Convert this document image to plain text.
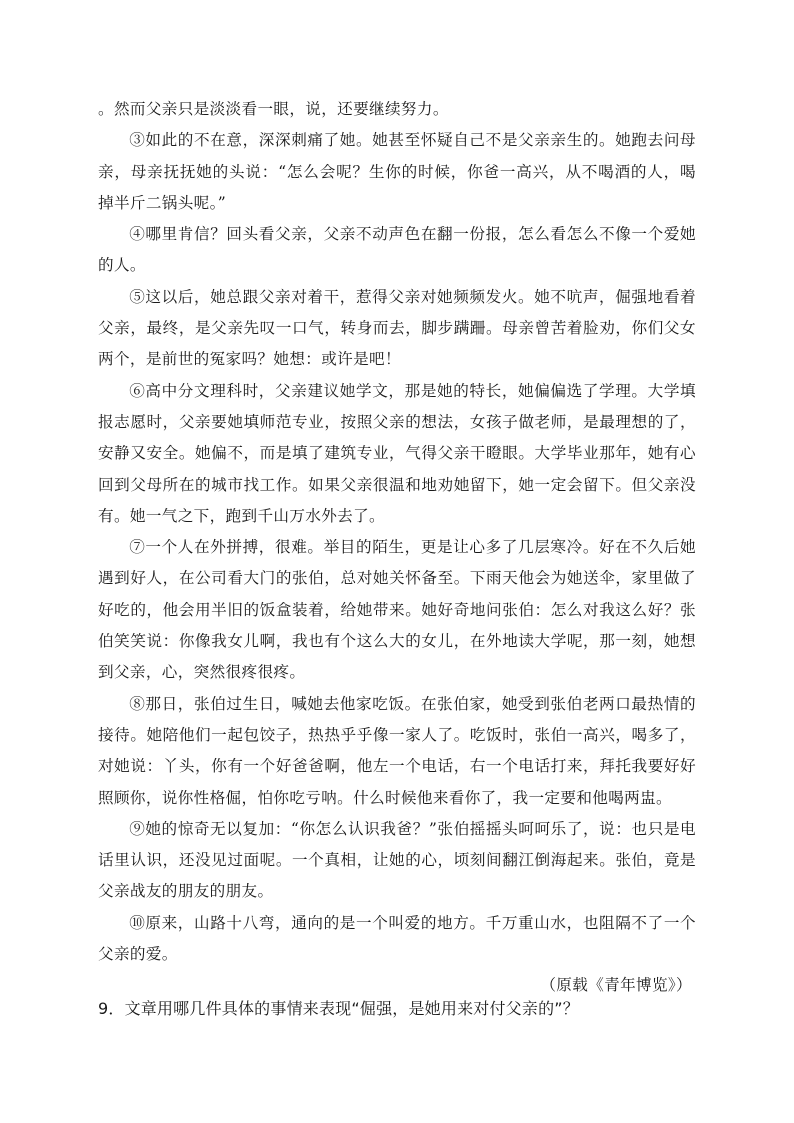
。然而父亲只是淡淡看一眼，说，还要继续努力。

③如此的不在意，深深刺痛了她。她甚至怀疑自己不是父亲亲生的。她跑去问母亲，母亲抚抚她的头说：“怎么会呢？生你的时候，你爸一高兴，从不喝酒的人，喝掉半斤二锅头呢。”

④哪里肯信？回头看父亲，父亲不动声色在翻一份报，怎么看怎么不像一个爱她的人。

⑤这以后，她总跟父亲对着干，惹得父亲对她频频发火。她不吭声，倔强地看着父亲，最终，是父亲先叹一口气，转身而去，脚步蹒跚。母亲曾苦着脸劝，你们父女两个，是前世的冤家吗？她想：或许是吧！

⑥高中分文理科时，父亲建议她学文，那是她的特长，她偏偏选了学理。大学填报志愿时，父亲要她填师范专业，按照父亲的想法，女孩子做老师，是最理想的了，安静又安全。她偏不，而是填了建筑专业，气得父亲干瞪眼。大学毕业那年，她有心回到父母所在的城市找工作。如果父亲很温和地劝她留下，她一定会留下。但父亲没有。她一气之下，跑到千山万水外去了。

⑦一个人在外拼搏，很难。举目的陌生，更是让心多了几层寒冷。好在不久后她遇到好人，在公司看大门的张伯，总对她关怀备至。下雨天他会为她送伞，家里做了好吃的，他会用半旧的饭盒装着，给她带来。她好奇地问张伯：怎么对我这么好？张伯笑笑说：你像我女儿啊，我也有个这么大的女儿，在外地读大学呢，那一刻，她想到父亲，心，突然很疼很疼。

⑧那日，张伯过生日，喊她去他家吃饭。在张伯家，她受到张伯老两口最热情的接待。她陪他们一起包饺子，热热乎乎像一家人了。吃饭时，张伯一高兴，喝多了，对她说：丫头，你有一个好爸爸啊，他左一个电话，右一个电话打来，拜托我要好好照顾你，说你性格倔，怕你吃亏呐。什么时候他来看你了，我一定要和他喝两盅。

⑨她的惊奇无以复加：“你怎么认识我爸？”张伯摇摇头呵呵乐了，说：也只是电话里认识，还没见过面呢。一个真相，让她的心，顷刻间翻江倒海起来。张伯，竟是父亲战友的朋友的朋友。

⑩原来，山路十八弯，通向的是一个叫爱的地方。千万重山水，也阻隔不了一个父亲的爱。

（原载《青年博览》）

9．文章用哪几件具体的事情来表现“倔强，是她用来对付父亲的”？
